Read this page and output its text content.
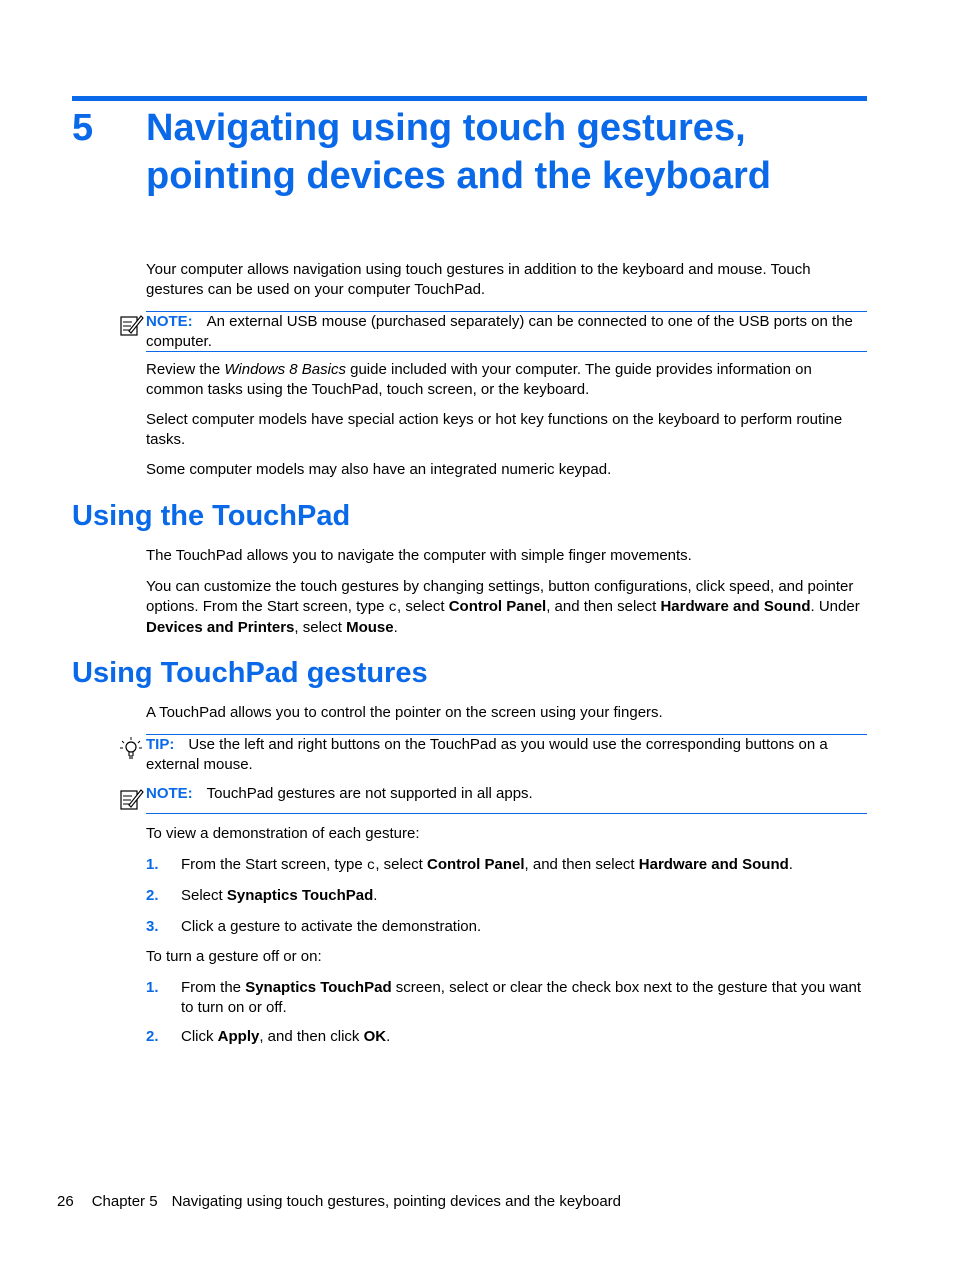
5 Navigating using touch gestures,
pointing devices and the keyboard

Your computer allows navigation using touch gestures in addition to the keyboard and mouse. Touch gestures can be used on your computer TouchPad.

NOTE: An external USB mouse (purchased separately) can be connected to one of the USB ports on the computer.

Review the Windows 8 Basics guide included with your computer. The guide provides information on common tasks using the TouchPad, touch screen, or the keyboard.

Select computer models have special action keys or hot key functions on the keyboard to perform routine tasks.

Some computer models may also have an integrated numeric keypad.

Using the TouchPad

The TouchPad allows you to navigate the computer with simple finger movements.

You can customize the touch gestures by changing settings, button configurations, click speed, and pointer options. From the Start screen, type c, select Control Panel, and then select Hardware and Sound. Under Devices and Printers, select Mouse.

Using TouchPad gestures

A TouchPad allows you to control the pointer on the screen using your fingers.

TIP: Use the left and right buttons on the TouchPad as you would use the corresponding buttons on a external mouse.
NOTE: TouchPad gestures are not supported in all apps.

To view a demonstration of each gesture:

1. From the Start screen, type c, select Control Panel, and then select Hardware and Sound.
2. Select Synaptics TouchPad.
3. Click a gesture to activate the demonstration.

To turn a gesture off or on:

1. From the Synaptics TouchPad screen, select or clear the check box next to the gesture that you want to turn on or off.
2. Click Apply, and then click OK.
26 Chapter 5 Navigating using touch gestures, pointing devices and the keyboard
